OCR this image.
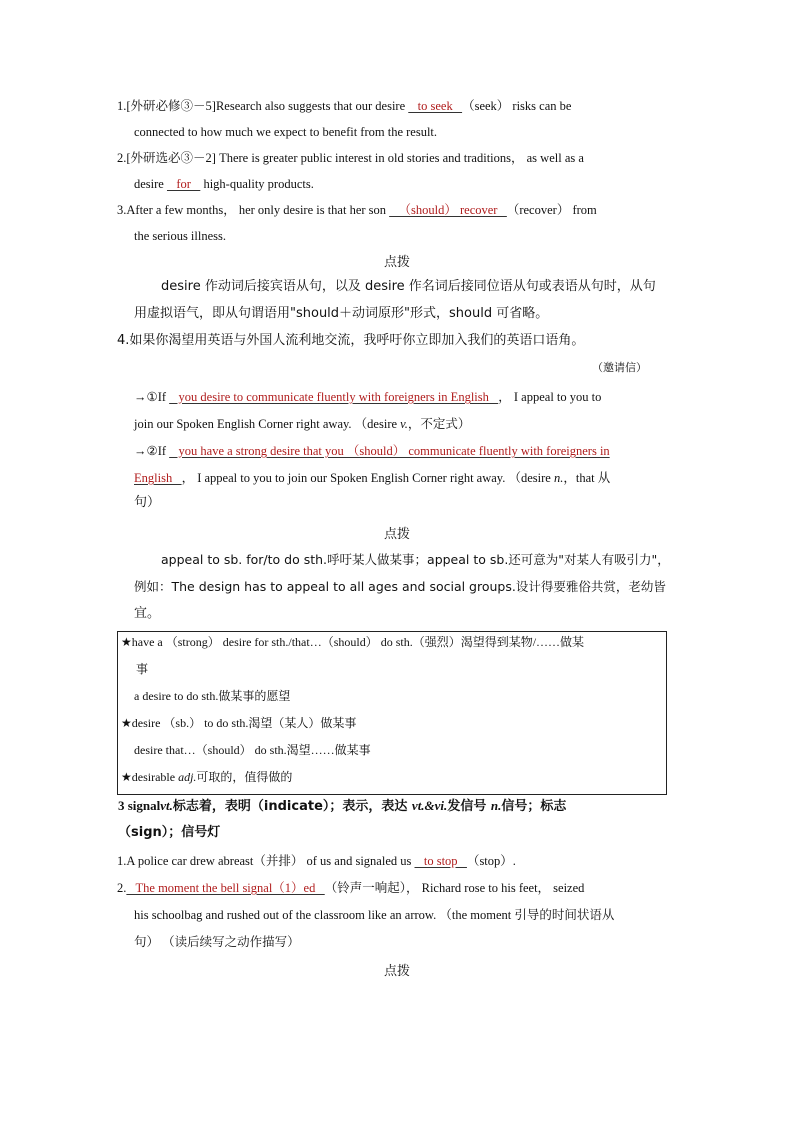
1.[外研必修③－5]Research also suggests that our desire    to seek   （seek） risks can be
connected to how much we expect to benefit from the result.
2.[外研选必③－2] There is greater public interest in old stories and traditions， as well as a
desire    for    high-quality products.
3.After a few months， her only desire is that her son    （should） recover   （recover） from
the serious illness.
点拨
desire 作动词后接宾语从句，以及 desire 作名词后接同位语从句或表语从句时，从句
用虚拟语气，即从句谓语用"should＋动词原形"形式，should 可省略。
4.如果你渴望用英语与外国人流利地交流，我呼吁你立即加入我们的英语口语角。
（邀请信）
→①If    you desire to communicate fluently with foreigners in English   ， I appeal to you to
join our Spoken English Corner right away. （desire v.，不定式）
→②If    you have a strong desire that you （should） communicate fluently with foreigners in
English   ， I appeal to you to join our Spoken English Corner right away. （desire n.，that 从
句）
点拨
appeal to sb. for/to do sth.呼吁某人做某事；appeal to sb.还可意为"对某人有吸引力"，
例如：The design has to appeal to all ages and social groups.设计得要雅俗共赏，老幼皆
宜。
★have a （strong） desire for sth./that…（should） do sth.（强烈）渴望得到某物/……做某
事
a desire to do sth.做某事的愿望
★desire （sb.） to do sth.渴望（某人）做某事
desire that…（should） do sth.渴望……做某事
★desirable adj.可取的，值得做的
3 signalvt.标志着，表明（indicate）；表示，表达 vt.&vi.发信号 n.信号；标志
（sign）；信号灯
1.A police car drew abreast（并排） of us and signaled us    to stop   （stop）.
2.   The moment the bell signal（1）ed   （铃声一响起）， Richard rose to his feet， seized
his schoolbag and rushed out of the classroom like an arrow. （the moment 引导的时间状语从
句） （读后续写之动作描写）
点拨
